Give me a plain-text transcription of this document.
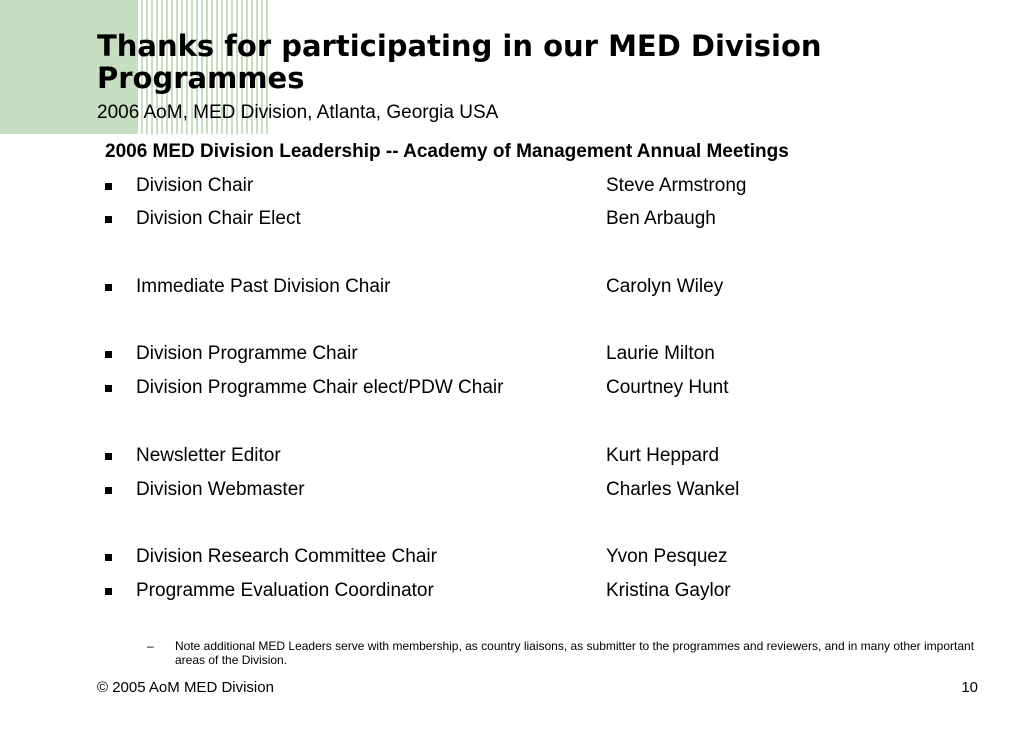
Thanks for participating in our MED Division Programmes

2006 AoM, MED Division, Atlanta, Georgia USA

2006 MED Division Leadership -- Academy of Management Annual Meetings

Division Chair	Steve Armstrong
Division Chair Elect	Ben Arbaugh
Immediate Past Division Chair	Carolyn Wiley
Division Programme Chair	Laurie Milton
Division Programme Chair elect/PDW Chair	Courtney Hunt
Newsletter Editor	Kurt Heppard
Division Webmaster	Charles Wankel
Division Research Committee Chair	Yvon Pesquez
Programme Evaluation Coordinator	Kristina Gaylor
– Note additional MED Leaders serve with membership, as country liaisons, as submitter to the programmes and reviewers, and in many other important areas of the Division.
© 2005 AoM MED Division	10
